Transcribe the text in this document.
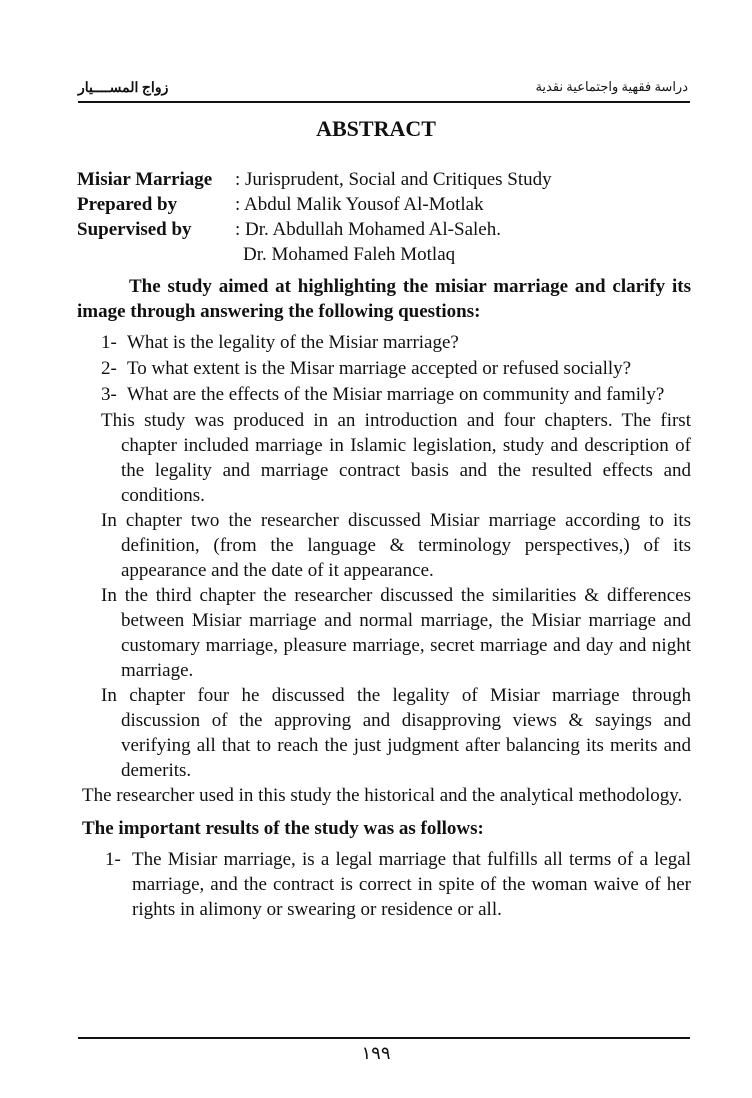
زواج المســــيار	دراسة فقهية واجتماعية نقدية
ABSTRACT
Misiar Marriage	: Jurisprudent, Social and Critiques Study
Prepared by	: Abdul Malik Yousof Al-Motlak
Supervised by	: Dr. Abdullah Mohamed Al-Saleh.
Dr. Mohamed Faleh Motlaq

The study aimed at highlighting the misiar marriage and clarify its image through answering the following questions:

1- What is the legality of the Misiar marriage?
2- To what extent is the Misar marriage accepted or refused socially?
3- What are the effects of the Misiar marriage on community and family?

This study was produced in an introduction and four chapters. The first chapter included marriage in Islamic legislation, study and description of the legality and marriage contract basis and the resulted effects and conditions.

In chapter two the researcher discussed Misiar marriage according to its definition, (from the language & terminology perspectives,) of its appearance and the date of it appearance.

In the third chapter the researcher discussed the similarities & differences between Misiar marriage and normal marriage, the Misiar marriage and customary marriage, pleasure marriage, secret marriage and day and night marriage.

In chapter four he discussed the legality of Misiar marriage through discussion of the approving and disapproving views & sayings and verifying all that to reach the just judgment after balancing its merits and demerits.

The researcher used in this study the historical and the analytical methodology.

The important results of the study was as follows:

1- The Misiar marriage, is a legal marriage that fulfills all terms of a legal marriage, and the contract is correct in spite of the woman waive of her rights in alimony or swearing or residence or all.
١٩٩
